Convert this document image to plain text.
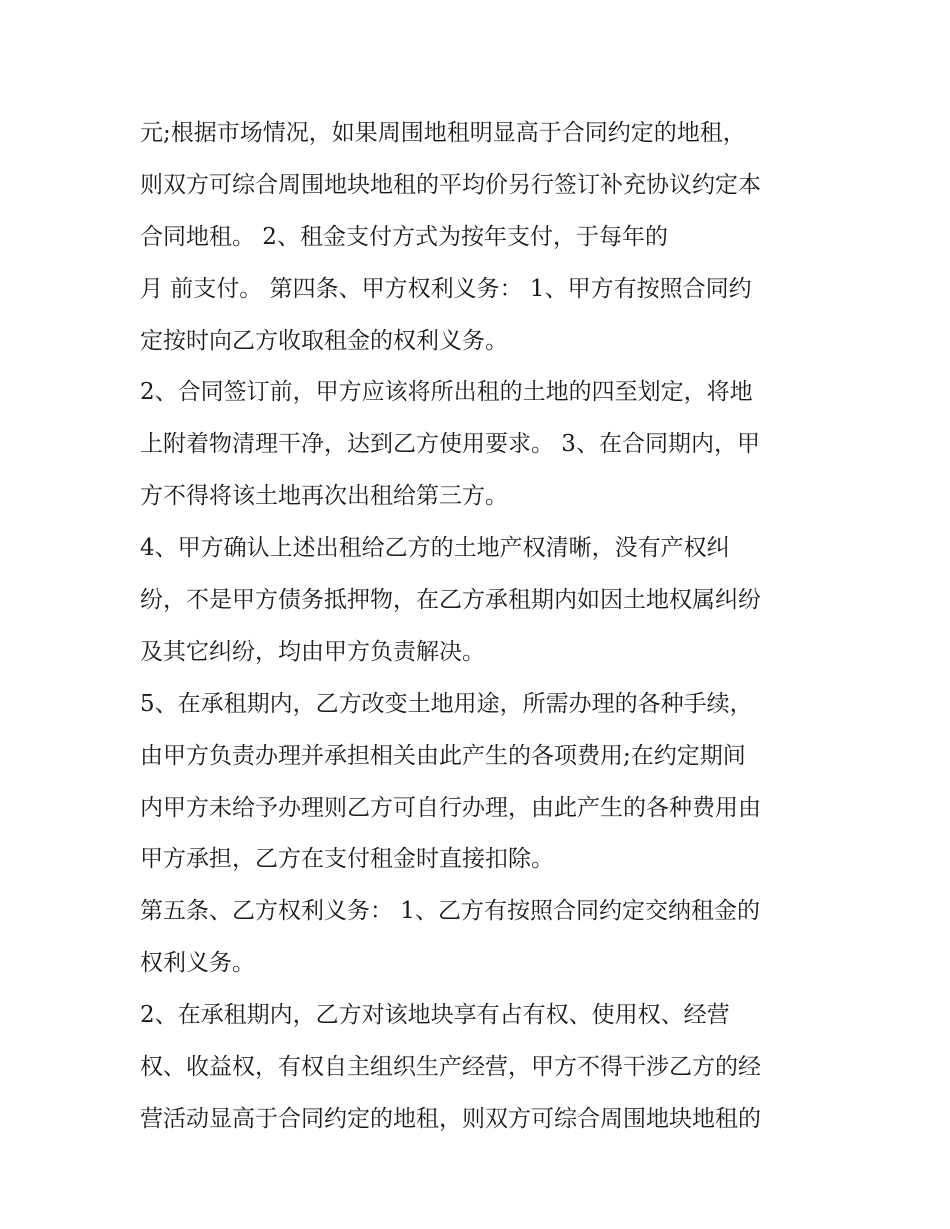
元;根据市场情况，如果周围地租明显高于合同约定的地租，
则双方可综合周围地块地租的平均价另行签订补充协议约定本
合同地租。 2、租金支付方式为按年支付，于每年的
月 前支付。 第四条、甲方权利义务： 1、甲方有按照合同约
定按时向乙方收取租金的权利义务。
2、合同签订前，甲方应该将所出租的土地的四至划定，将地
上附着物清理干净，达到乙方使用要求。 3、在合同期内，甲
方不得将该土地再次出租给第三方。
4、甲方确认上述出租给乙方的土地产权清晰，没有产权纠
纷，不是甲方债务抵押物，在乙方承租期内如因土地权属纠纷
及其它纠纷，均由甲方负责解决。
5、在承租期内，乙方改变土地用途，所需办理的各种手续，
由甲方负责办理并承担相关由此产生的各项费用;在约定期间
内甲方未给予办理则乙方可自行办理，由此产生的各种费用由
甲方承担，乙方在支付租金时直接扣除。
第五条、乙方权利义务： 1、乙方有按照合同约定交纳租金的
权利义务。
2、在承租期内，乙方对该地块享有占有权、使用权、经营
权、收益权，有权自主组织生产经营，甲方不得干涉乙方的经
营活动显高于合同约定的地租，则双方可综合周围地块地租的
